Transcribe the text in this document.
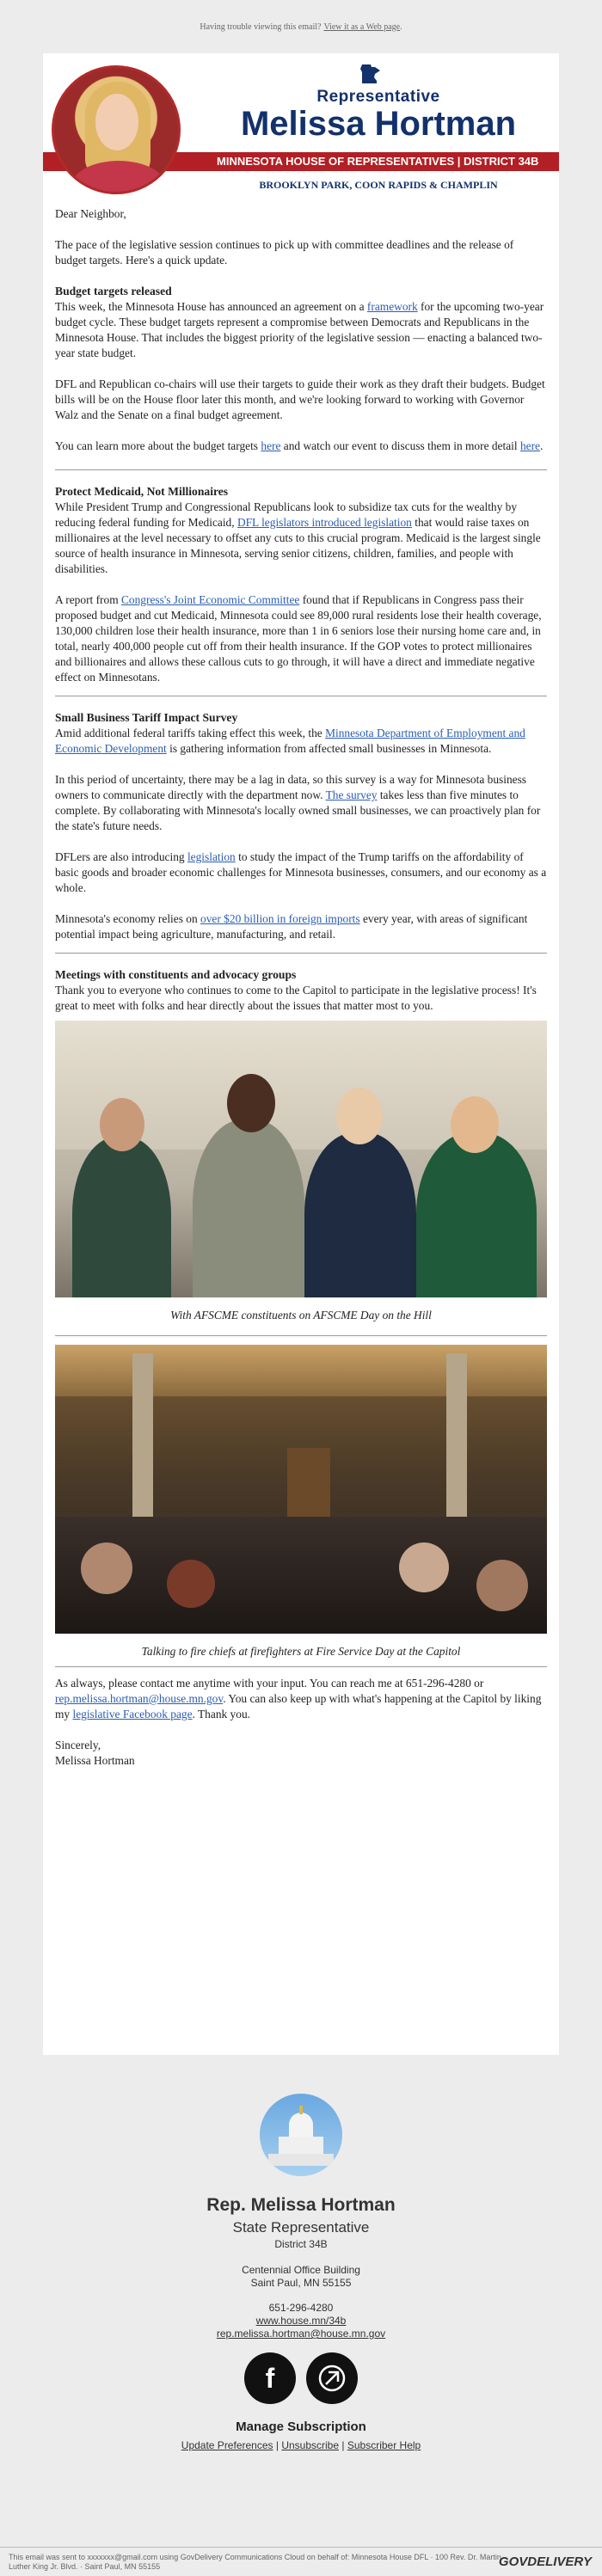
Having trouble viewing this email? View it as a Web page .
MINNESOTA HOUSE OF REPRESENTATIVES | DISTRICT 34B
Representative
Melissa Hortman
BROOKLYN PARK, COON RAPIDS & CHAMPLIN

Dear Neighbor,

The pace of the legislative session continues to pick up with committee deadlines and the release of budget targets. Here's a quick update.

Budget targets released

This week, the Minnesota House has announced an agreement on a framework for the upcoming two-year budget cycle. These budget targets represent a compromise between Democrats and Republicans in the Minnesota House. That includes the biggest priority of the legislative session — enacting a balanced two-year state budget.

DFL and Republican co-chairs will use their targets to guide their work as they draft their budgets. Budget bills will be on the House floor later this month, and we're looking forward to working with Governor Walz and the Senate on a final budget agreement.

You can learn more about the budget targets here and watch our event to discuss them in more detail here.

Protect Medicaid, Not Millionaires

While President Trump and Congressional Republicans look to subsidize tax cuts for the wealthy by reducing federal funding for Medicaid, DFL legislators introduced legislation that would raise taxes on millionaires at the level necessary to offset any cuts to this crucial program. Medicaid is the largest single source of health insurance in Minnesota, serving senior citizens, children, families, and people with disabilities.

A report from Congress's Joint Economic Committee found that if Republicans in Congress pass their proposed budget and cut Medicaid, Minnesota could see 89,000 rural residents lose their health coverage, 130,000 children lose their health insurance, more than 1 in 6 seniors lose their nursing home care and, in total, nearly 400,000 people cut off from their health insurance. If the GOP votes to protect millionaires and billionaires and allows these callous cuts to go through, it will have a direct and immediate negative effect on Minnesotans.

Small Business Tariff Impact Survey

Amid additional federal tariffs taking effect this week, the Minnesota Department of Employment and Economic Development is gathering information from affected small businesses in Minnesota.

In this period of uncertainty, there may be a lag in data, so this survey is a way for Minnesota business owners to communicate directly with the department now. The survey takes less than five minutes to complete. By collaborating with Minnesota's locally owned small businesses, we can proactively plan for the state's future needs.

DFLers are also introducing legislation to study the impact of the Trump tariffs on the affordability of basic goods and broader economic challenges for Minnesota businesses, consumers, and our economy as a whole.

Minnesota's economy relies on over $20 billion in foreign imports every year, with areas of significant potential impact being agriculture, manufacturing, and retail.

Meetings with constituents and advocacy groups

Thank you to everyone who continues to come to the Capitol to participate in the legislative process! It's great to meet with folks and hear directly about the issues that matter most to you.

With AFSCME constituents on AFSCME Day on the Hill
Talking to fire chiefs at firefighters at Fire Service Day at the Capitol

As always, please contact me anytime with your input. You can reach me at 651-296-4280 or rep.melissa.hortman@house.mn.gov. You can also keep up with what's happening at the Capitol by liking my legislative Facebook page. Thank you.

Sincerely,
Melissa Hortman

Rep. Melissa Hortman
State Representative
District 34B
Centennial Office Building
Saint Paul, MN 55155
651-296-4280
www.house.mn/34b
rep.melissa.hortman@house.mn.gov
f
Manage Subscription
Update Preferences | Unsubscribe | Subscriber Help
This email was sent to xxxxxxx@gmail.com using GovDelivery Communications Cloud on behalf of: Minnesota House DFL · 100 Rev. Dr. Martin Luther King Jr. Blvd. · Saint Paul, MN 55155	GOVDELIVERY
